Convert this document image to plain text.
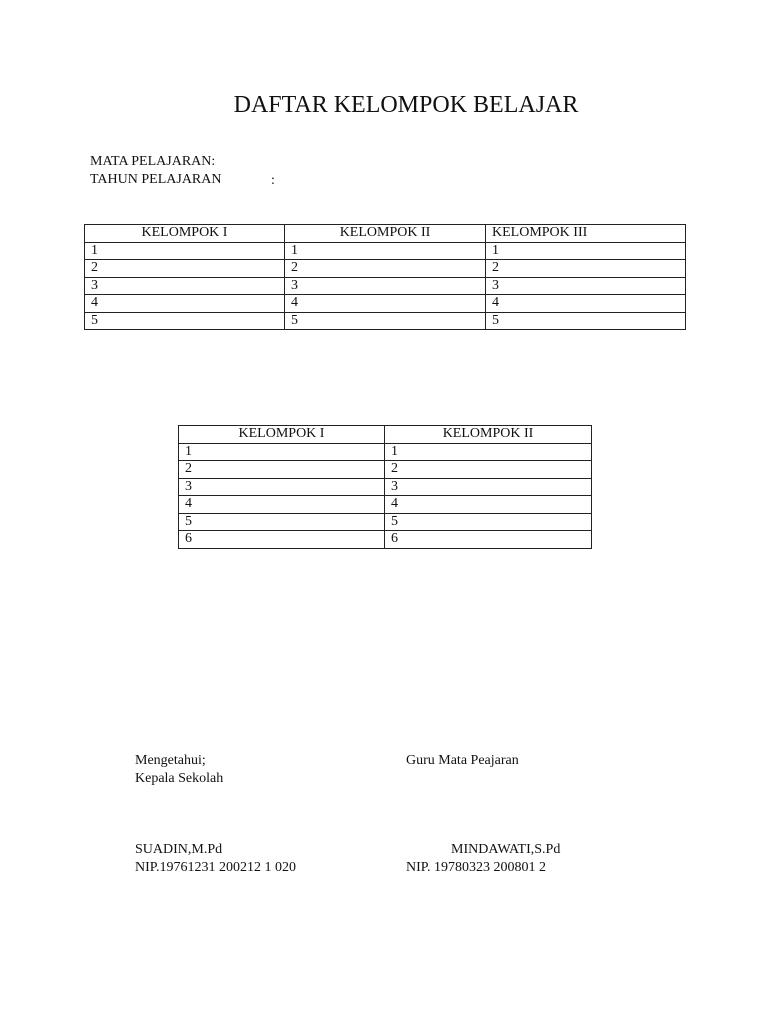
DAFTAR KELOMPOK BELAJAR
MATA PELAJARAN:
TAHUN PELAJARAN	:
KELOMPOK I	KELOMPOK II	KELOMPOK III
1	1	1
2	2	2
3	3	3
4	4	4
5	5	5
KELOMPOK I	KELOMPOK II
1	1
2	2
3	3
4	4
5	5
6	6
Mengetahui;
Kepala Sekolah
Guru Mata Peajaran
SUADIN,M.Pd
NIP.19761231 200212 1 020
MINDAWATI,S.Pd
NIP. 19780323 200801 2
